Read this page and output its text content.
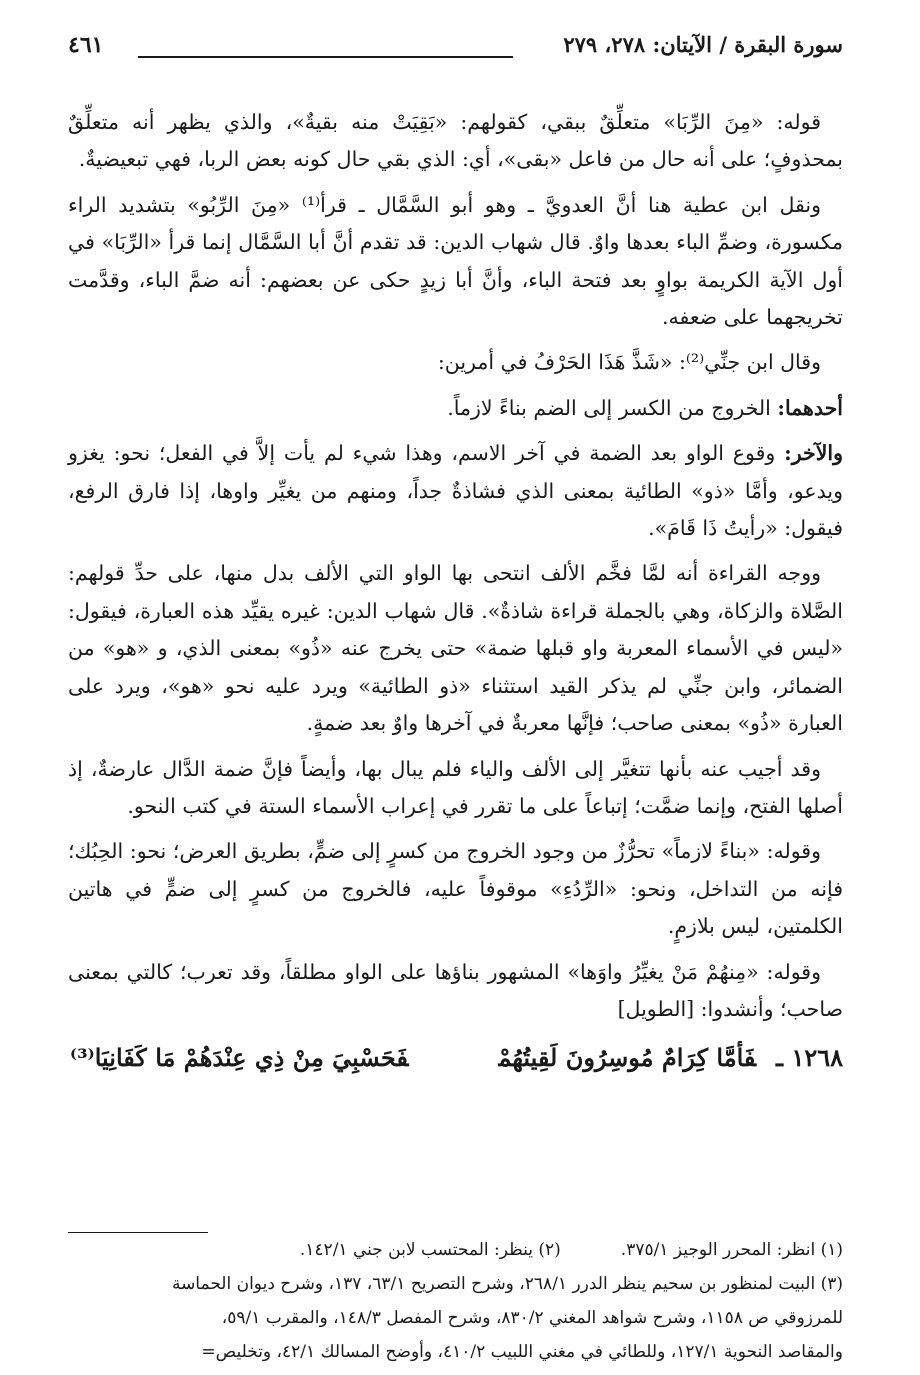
سورة البقرة / الآيتان: ٢٧٨، ٢٧٩
٤٦١

قوله: «مِنَ الرِّبَا» متعلِّقٌ ببقي، كقولهم: «بَقِيَتْ منه بقيةٌ»، والذي يظهر أنه متعلِّقٌ بمحذوفٍ؛ على أنه حال من فاعل «بقى»، أي: الذي بقي حال كونه بعض الربا، فهي تبعيضيةٌ.

ونقل ابن عطية هنا أنَّ العدويَّ ـ وهو أبو السَّمَّال ـ قرأ⁽¹⁾ «مِنَ الرِّبُو» بتشديد الراء مكسورة، وضمِّ الباء بعدها واوٌ. قال شهاب الدين: قد تقدم أنَّ أبا السَّمَّال إنما قرأ «الرِّبَا» في أول الآية الكريمة بواوٍ بعد فتحة الباء، وأنَّ أبا زيدٍ حكى عن بعضهم: أنه ضمَّ الباء، وقدَّمت تخريجهما على ضعفه.

وقال ابن جنِّي⁽²⁾: «شَذَّ هَذَا الحَرْفُ في أمرين:

أحدهما: الخروج من الكسر إلى الضم بناءً لازماً.

والآخر: وقوع الواو بعد الضمة في آخر الاسم، وهذا شيء لم يأت إلاَّ في الفعل؛ نحو: يغزو ويدعو، وأمَّا «ذو» الطائية بمعنى الذي فشاذةٌ جداً، ومنهم من يغيِّر واوها، إذا فارق الرفع، فيقول: «رأيتُ ذَا قَامَ».

ووجه القراءة أنه لمَّا فخَّم الألف انتحى بها الواو التي الألف بدل منها، على حدِّ قولهم: الصَّلاة والزكاة، وهي بالجملة قراءة شاذةٌ». قال شهاب الدين: غيره يقيِّد هذه العبارة، فيقول: «ليس في الأسماء المعربة واو قبلها ضمة» حتى يخرج عنه «ذُو» بمعنى الذي، و «هو» من الضمائر، وابن جنِّي لم يذكر القيد استثناء «ذو الطائية» ويرد عليه نحو «هو»، ويرد على العبارة «ذُو» بمعنى صاحب؛ فإنَّها معربةٌ في آخرها واوٌ بعد ضمةٍ.

وقد أجيب عنه بأنها تتغيَّر إلى الألف والياء فلم يبال بها، وأيضاً فإنَّ ضمة الدَّال عارضةٌ، إذ أصلها الفتح، وإنما ضمَّت؛ إتباعاً على ما تقرر في إعراب الأسماء الستة في كتب النحو.

وقوله: «بناءً لازماً» تحرُّزٌ من وجود الخروج من كسرٍ إلى ضمٍّ، بطريق العرض؛ نحو: الحِبُك؛ فإنه من التداخل، ونحو: «الرِّدُءِ» موقوفاً عليه، فالخروج من كسرٍ إلى ضمٍّ في هاتين الكلمتين، ليس بلازمٍ.

وقوله: «مِنهُمْ مَنْ يغيِّرُ واوَها» المشهور بناؤها على الواو مطلقاً، وقد تعرب؛ كالتي بمعنى صاحب؛ وأنشدوا: [الطويل]

١٢٦٨ ـفَأمَّا كِرَامٌ مُوسِرُونَ لَقِيتُهُمْفَحَسْبِيَ مِنْ ذِي عِنْدَهُمْ مَا كَفَانِيَا⁽³⁾

(١) انظر: المحرر الوجيز ٣٧٥/١.(٢) ينظر: المحتسب لابن جني ١٤٢/١.

(٣) البيت لمنظور بن سحيم ينظر الدرر ٢٦٨/١، وشرح التصريح ٦٣/١، ١٣٧، وشرح ديوان الحماسة

للمرزوقي ص ١١٥٨، وشرح شواهد المغني ٨٣٠/٢، وشرح المفصل ١٤٨/٣، والمقرب ٥٩/١،

والمقاصد النحوية ١٢٧/١، وللطائي في مغني اللبيب ٤١٠/٢، وأوضح المسالك ٤٢/١، وتخليص=
